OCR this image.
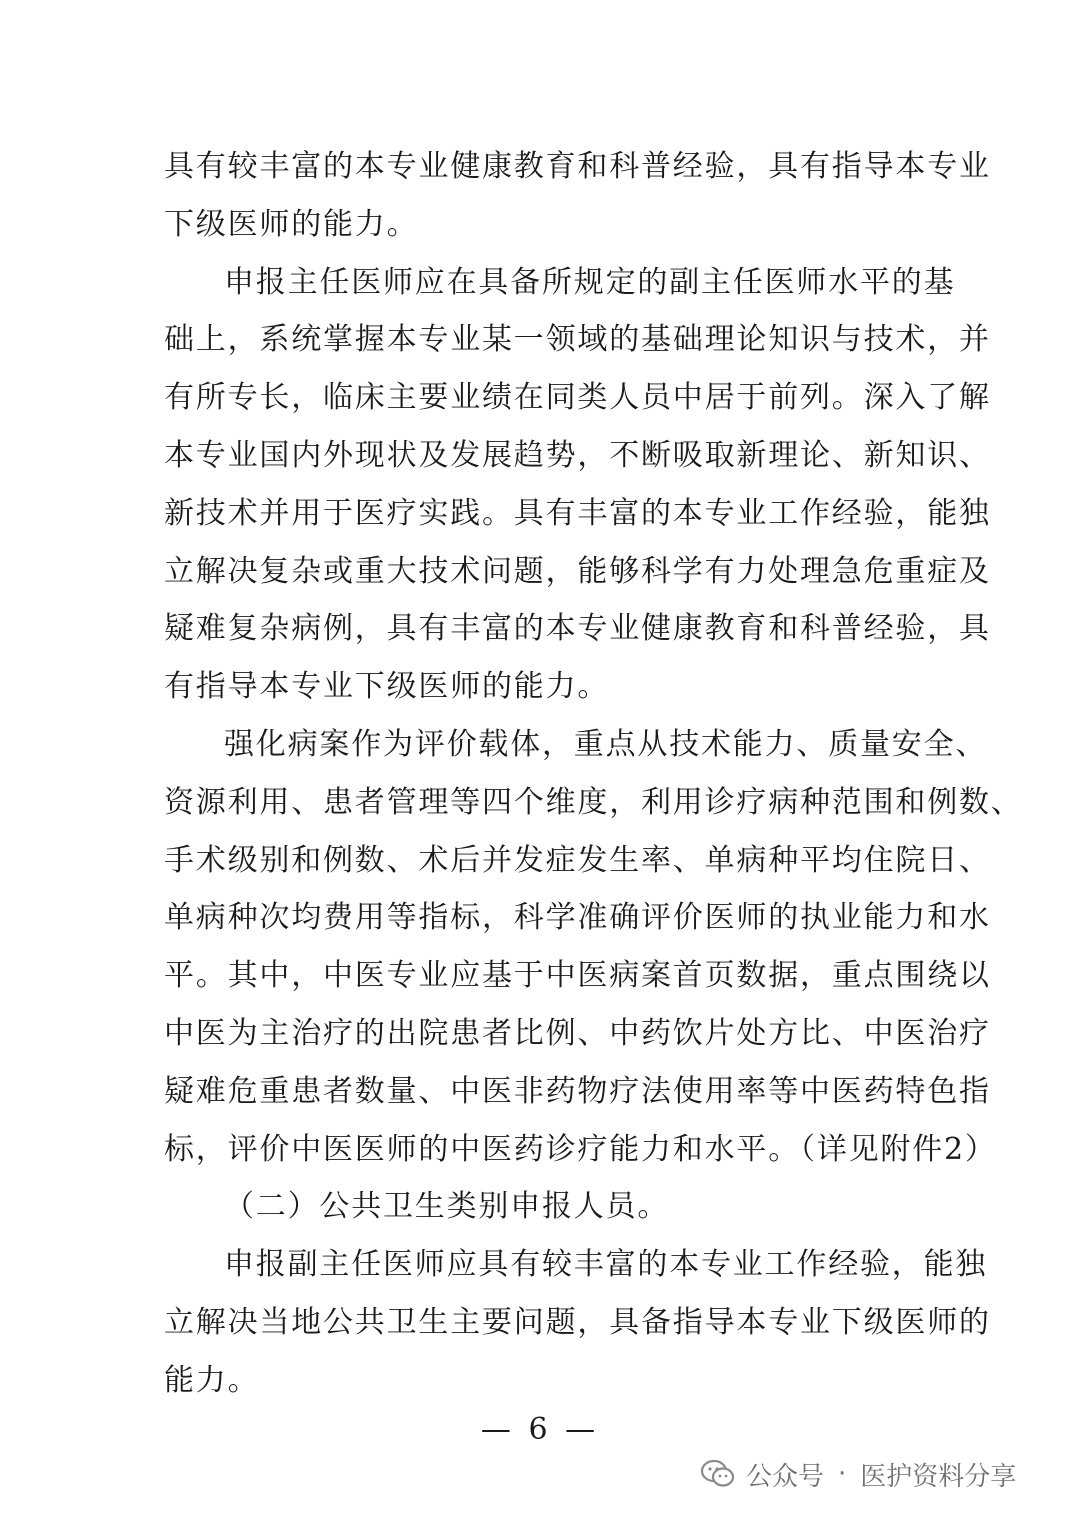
具有较丰富的本专业健康教育和科普经验，具有指导本专业
下级医师的能力。
申报主任医师应在具备所规定的副主任医师水平的基
础上，系统掌握本专业某一领域的基础理论知识与技术，并
有所专长，临床主要业绩在同类人员中居于前列。深入了解
本专业国内外现状及发展趋势，不断吸取新理论、新知识、
新技术并用于医疗实践。具有丰富的本专业工作经验，能独
立解决复杂或重大技术问题，能够科学有力处理急危重症及
疑难复杂病例，具有丰富的本专业健康教育和科普经验，具
有指导本专业下级医师的能力。
强化病案作为评价载体，重点从技术能力、质量安全、
资源利用、患者管理等四个维度，利用诊疗病种范围和例数、
手术级别和例数、术后并发症发生率、单病种平均住院日、
单病种次均费用等指标，科学准确评价医师的执业能力和水
平。其中，中医专业应基于中医病案首页数据，重点围绕以
中医为主治疗的出院患者比例、中药饮片处方比、中医治疗
疑难危重患者数量、中医非药物疗法使用率等中医药特色指
标，评价中医医师的中医药诊疗能力和水平。（详见附件2）
（二）公共卫生类别申报人员。
申报副主任医师应具有较丰富的本专业工作经验，能独
立解决当地公共卫生主要问题，具备指导本专业下级医师的
能力。
— 6 —
公众号 · 医护资料分享
